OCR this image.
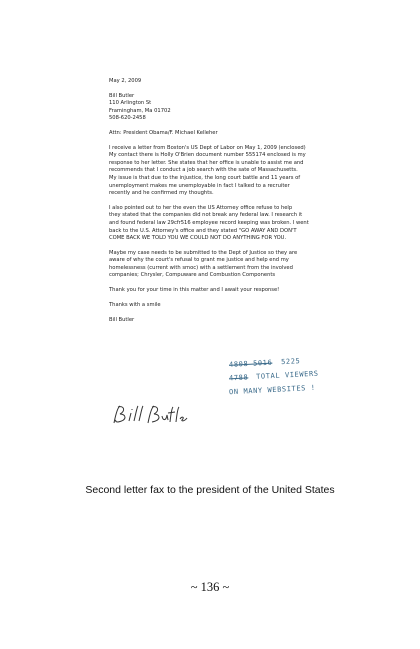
May 2, 2009

Bill Butler
110 Arlington St
Framingham, Ma 01702
508-620-2458

Attn: President Obama/F. Michael Kelleher

I receive a letter from Boston's US Dept of Labor on May 1, 2009 (enclosed)
My contact there is Holly O'Brien document number 555174 enclosed is my
response to her letter. She states that her office is unable to assist me and
recommends that I conduct a job search with the sate of Massachusetts.
My issue is that due to the injustice, the long court battle and 11 years of
unemployment makes me unemployable in fact I talked to a recruiter
recently and he confirmed my thoughts.

I also pointed out to her the even the US Attorney office refuse to help
they stated that the companies did not break any federal law. I research it
and found federal law 29cfr516 employee record keeping was broken. I went
back to the U.S. Attorney's office and they stated "GO AWAY AND DON'T
COME BACK WE TOLD YOU WE COULD NOT DO ANYTHING FOR YOU.

Maybe my case needs to be submitted to the Dept of Justice so they are
aware of why the court's refusal to grant me justice and help end my
homelessness (current with smoc) with a settlement from the involved
companies; Chrysler, Compuware and Combustion Components

Thank you for your time in this matter and I await your response!

Thanks with a smile

Bill Butler

4808 5016 5225
4788 TOTAL VIEWERS
ON MANY WEBSITES !
Second letter fax to the president of the United States
~ 136 ~
